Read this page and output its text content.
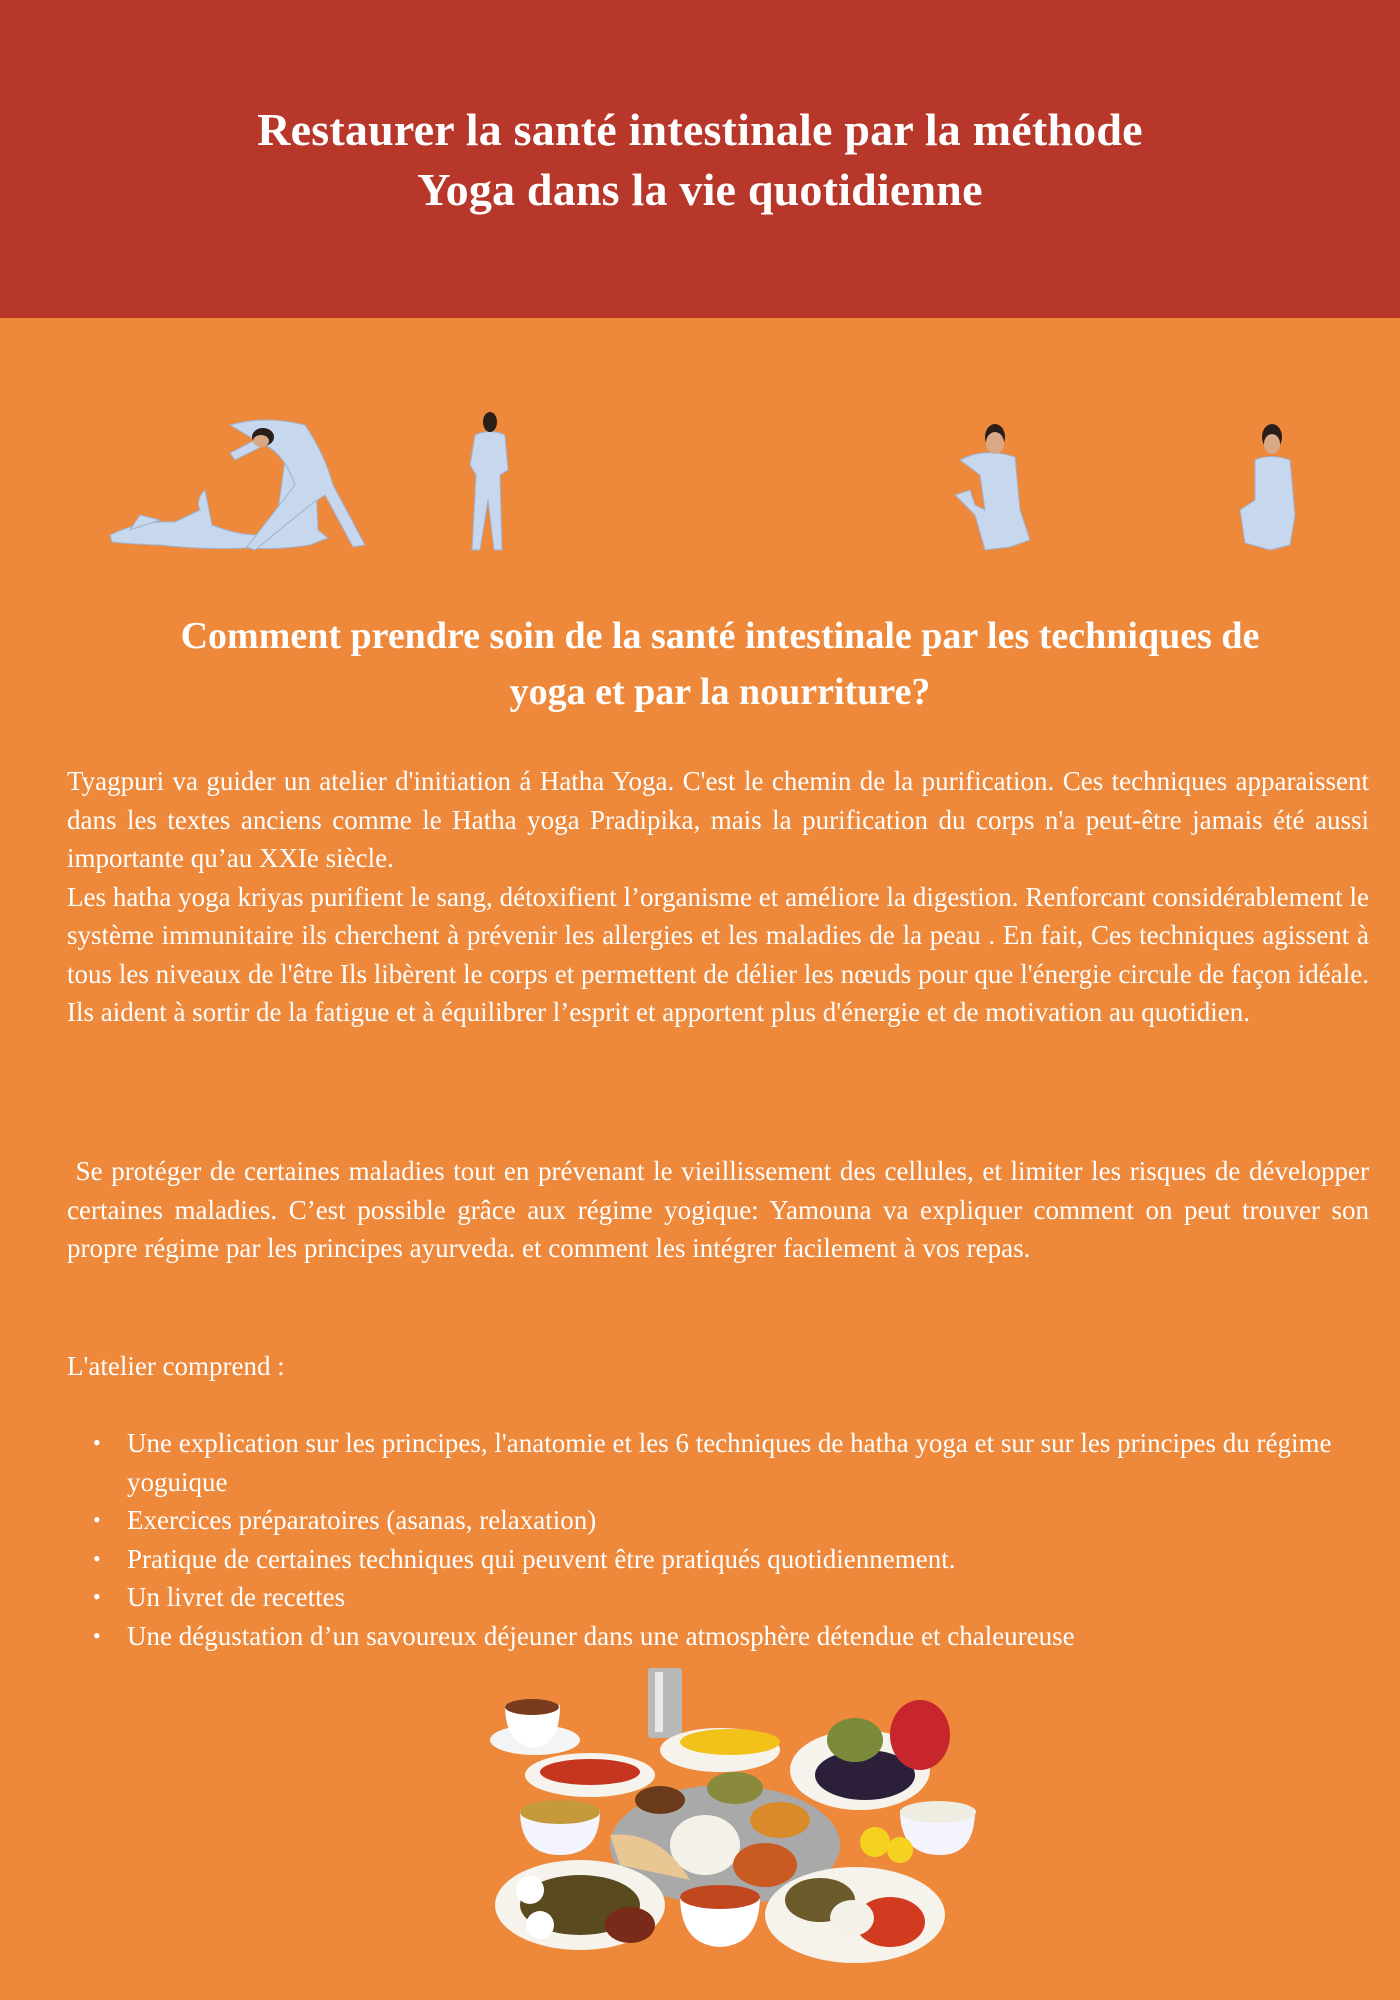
Restaurer la santé intestinale par la méthode
Yoga dans la vie quotidienne
Comment prendre soin de la santé intestinale par les techniques de
yoga et par la nourriture?
Tyagpuri va guider un atelier d'initiation á Hatha Yoga. C'est le chemin de la purification. Ces techniques apparaissent dans les textes anciens comme le Hatha yoga Pradipika, mais la purification du corps n'a peut-être jamais été aussi importante qu’au XXIe siècle.
Les hatha yoga kriyas purifient le sang, détoxifient l’organisme et améliore la digestion. Renforcant considérablement le système immunitaire ils cherchent à prévenir les allergies et les maladies de la peau . En fait, Ces techniques agissent à tous les niveaux de l'être Ils libèrent le corps et permettent de délier les nœuds pour que l'énergie circule de façon idéale. Ils aident à sortir de la fatigue et à équilibrer l’esprit et apportent plus d'énergie et de motivation au quotidien.
Se protéger de certaines maladies tout en prévenant le vieillissement des cellules, et limiter les risques de développer certaines maladies. C’est possible grâce aux régime yogique: Yamouna va expliquer comment on peut trouver son propre régime par les principes ayurveda. et comment les intégrer facilement à vos repas.
L'atelier comprend :
• Une explication sur les principes, l'anatomie et les 6 techniques de hatha yoga et sur sur les principes du régime yoguique
• Exercices préparatoires (asanas, relaxation)
• Pratique de certaines techniques qui peuvent être pratiqués quotidiennement.
• Un livret de recettes
• Une dégustation d’un savoureux déjeuner dans une atmosphère détendue et chaleureuse
